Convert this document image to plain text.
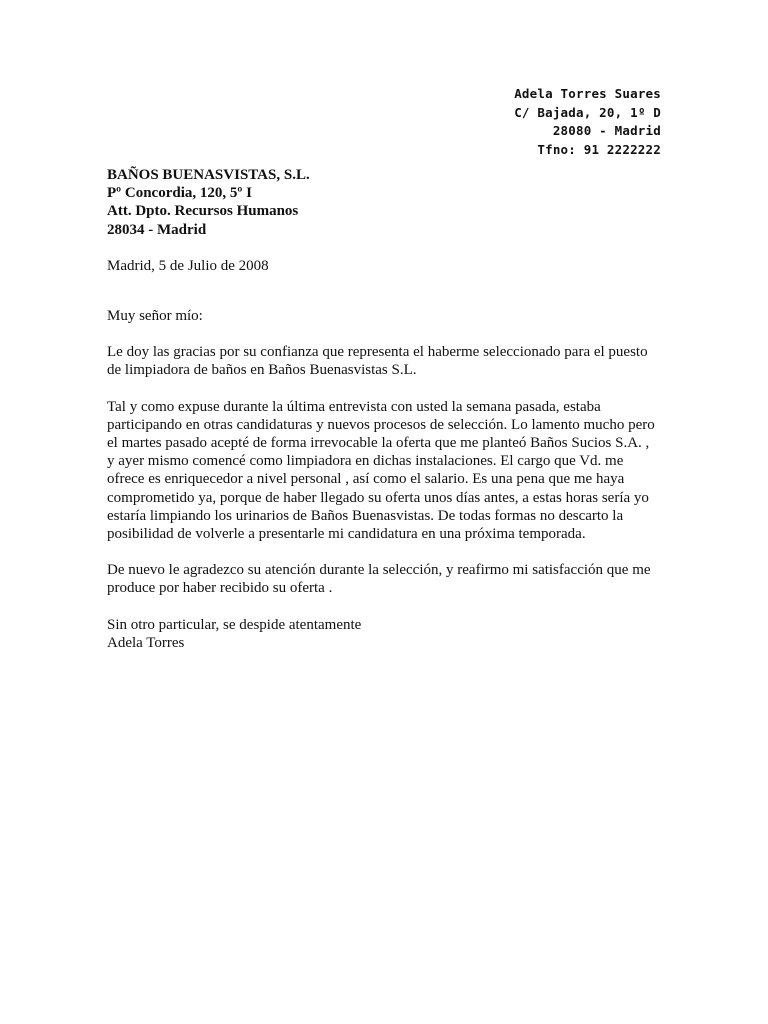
Adela Torres Suares
C/ Bajada, 20, 1º D
28080 - Madrid
Tfno: 91 2222222
BAÑOS BUENASVISTAS, S.L.
Pº Concordia, 120, 5º I
Att. Dpto. Recursos Humanos
28034 - Madrid
Madrid, 5 de Julio de 2008
Muy señor mío:
Le doy las gracias por su confianza que representa el haberme seleccionado para el puesto
de limpiadora de baños en Baños Buenasvistas S.L.
Tal y como expuse durante la última entrevista con usted la semana pasada, estaba
participando en otras candidaturas y nuevos procesos de selección. Lo lamento mucho pero
el martes pasado acepté de forma irrevocable la oferta que me planteó Baños Sucios S.A. ,
y ayer mismo comencé como limpiadora en dichas instalaciones. El cargo que Vd. me
ofrece es enriquecedor a nivel personal , así como el salario. Es una pena que me haya
comprometido ya, porque de haber llegado su oferta unos días antes, a estas horas sería yo
estaría limpiando los urinarios de Baños Buenasvistas. De todas formas no descarto la
posibilidad de volverle a presentarle mi candidatura en una próxima temporada.
De nuevo le agradezco su atención durante la selección, y reafirmo mi satisfacción que me
produce por haber recibido su oferta .
Sin otro particular, se despide atentamente
Adela Torres
